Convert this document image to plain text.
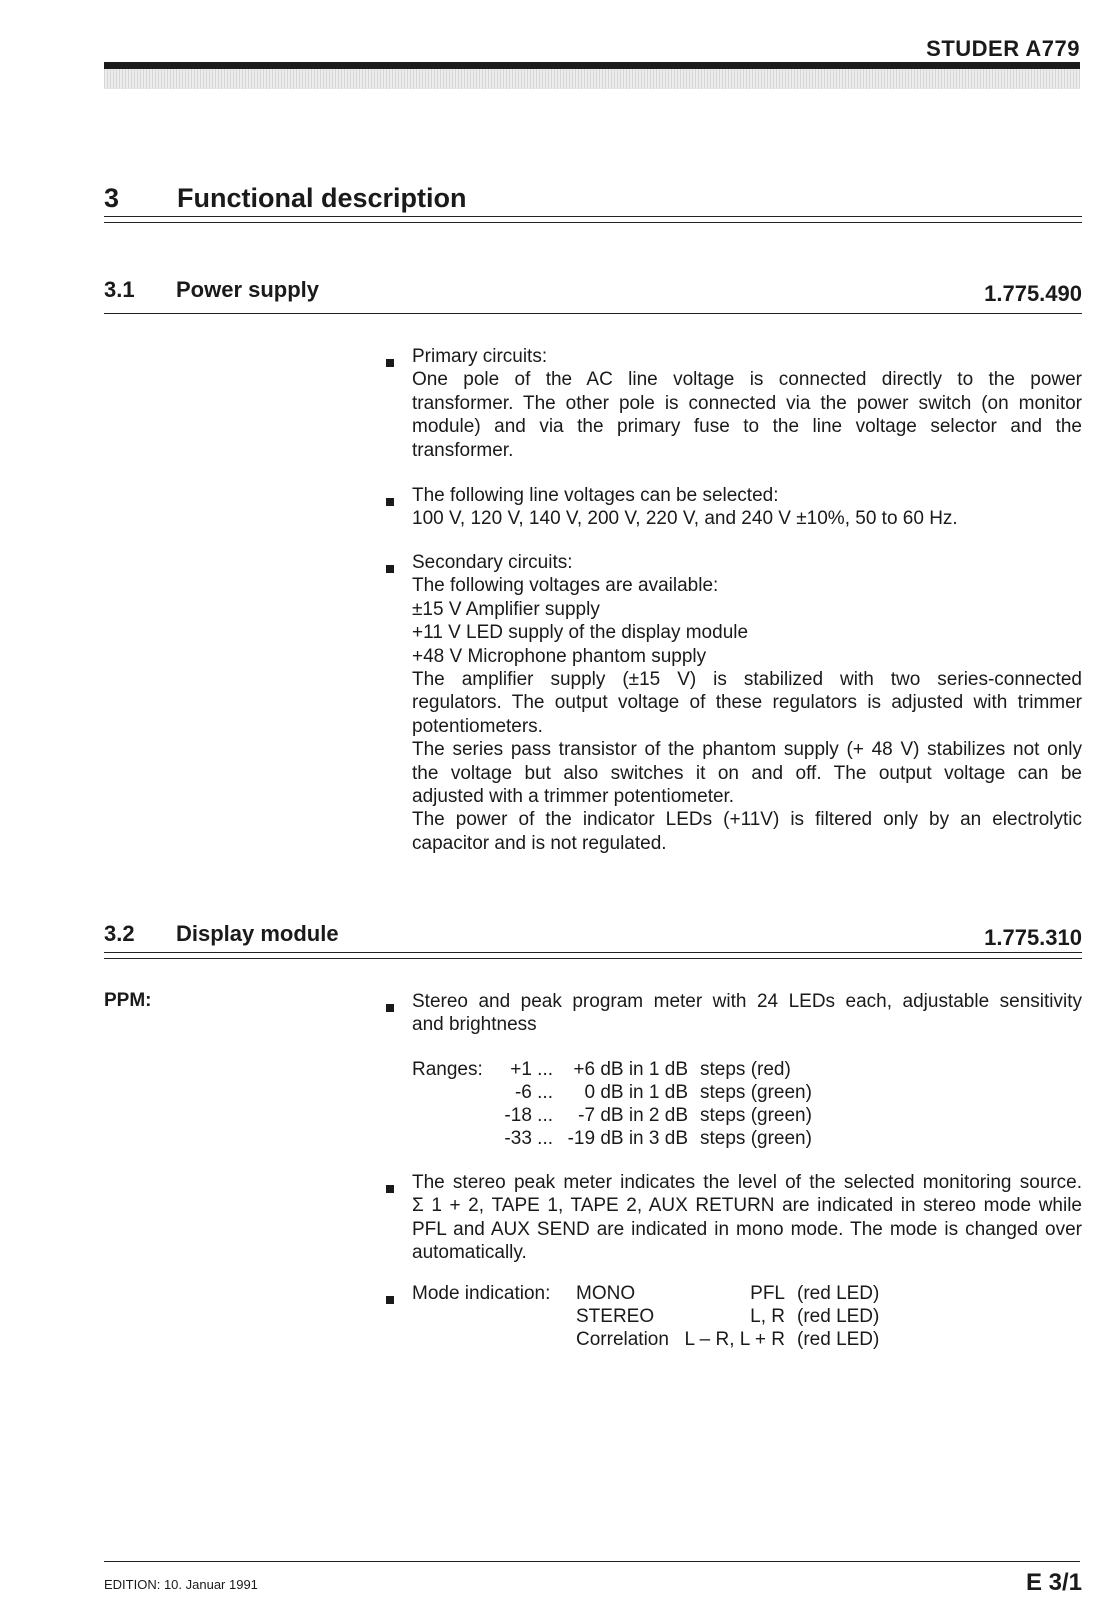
STUDER A779
3 Functional description
3.1 Power supply	1.775.490
Primary circuits:
One pole of the AC line voltage is connected directly to the power
transformer. The other pole is connected via the power switch (on monitor
module) and via the primary fuse to the line voltage selector and the
transformer.
The following line voltages can be selected:
100 V, 120 V, 140 V, 200 V, 220 V, and 240 V ±10%, 50 to 60 Hz.
Secondary circuits:
The following voltages are available:
±15 V Amplifier supply
+11 V LED supply of the display module
+48 V Microphone phantom supply
The amplifier supply (±15 V) is stabilized with two series-connected
regulators. The output voltage of these regulators is adjusted with trimmer
potentiometers.
The series pass transistor of the phantom supply (+ 48 V) stabilizes not only
the voltage but also switches it on and off. The output voltage can be
adjusted with a trimmer potentiometer.
The power of the indicator LEDs (+11V) is filtered only by an electrolytic
capacitor and is not regulated.
3.2 Display module	1.775.310
PPM:	Stereo and peak program meter with 24 LEDs each, adjustable sensitivity
and brightness
Ranges:	+1 ...	+6 dB in 1 dB	steps (red)
	-6 ...	0 dB in 1 dB	steps (green)
	-18 ...	-7 dB in 2 dB	steps (green)
	-33 ...	-19 dB in 3 dB	steps (green)
The stereo peak meter indicates the level of the selected monitoring source.
Σ 1 + 2, TAPE 1, TAPE 2, AUX RETURN are indicated in stereo mode while
PFL and AUX SEND are indicated in mono mode. The mode is changed over
automatically.
Mode indication:	MONO	PFL	(red LED)
	STEREO	L, R	(red LED)
	Correlation	L – R, L + R	(red LED)
EDITION: 10. Januar 1991	E 3/1
